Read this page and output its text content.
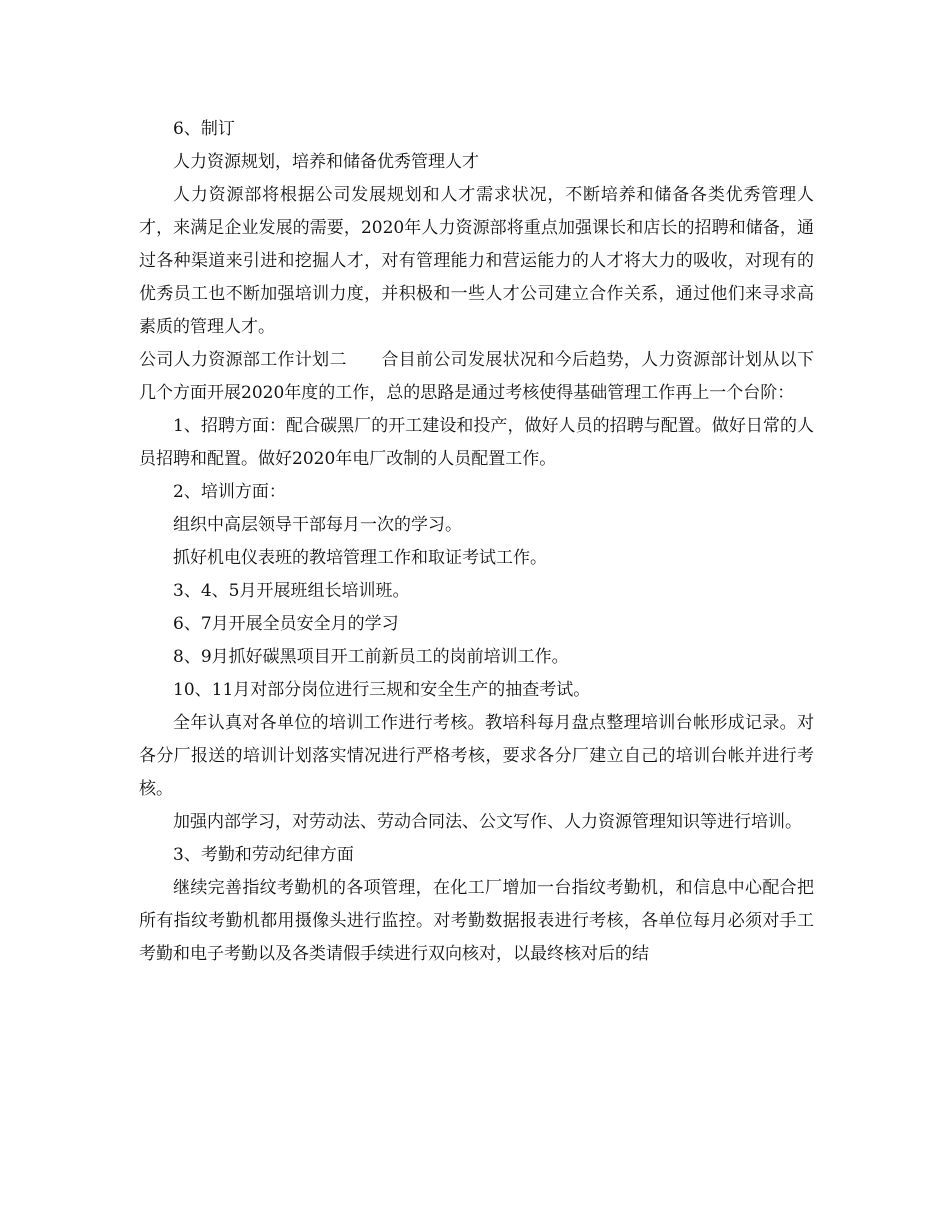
6、制订

人力资源规划，培养和储备优秀管理人才

人力资源部将根据公司发展规划和人才需求状况，不断培养和储备各类优秀管理人才，来满足企业发展的需要，2020年人力资源部将重点加强课长和店长的招聘和储备，通过各种渠道来引进和挖掘人才，对有管理能力和营运能力的人才将大力的吸收，对现有的优秀员工也不断加强培训力度，并积极和一些人才公司建立合作关系，通过他们来寻求高素质的管理人才。

公司人力资源部工作计划二　　合目前公司发展状况和今后趋势，人力资源部计划从以下几个方面开展2020年度的工作，总的思路是通过考核使得基础管理工作再上一个台阶：

1、招聘方面：配合碳黑厂的开工建设和投产，做好人员的招聘与配置。做好日常的人员招聘和配置。做好2020年电厂改制的人员配置工作。

2、培训方面：

组织中高层领导干部每月一次的学习。

抓好机电仪表班的教培管理工作和取证考试工作。

3、4、5月开展班组长培训班。

6、7月开展全员安全月的学习

8、9月抓好碳黑项目开工前新员工的岗前培训工作。

10、11月对部分岗位进行三规和安全生产的抽查考试。

全年认真对各单位的培训工作进行考核。教培科每月盘点整理培训台帐形成记录。对各分厂报送的培训计划落实情况进行严格考核，要求各分厂建立自己的培训台帐并进行考核。

加强内部学习，对劳动法、劳动合同法、公文写作、人力资源管理知识等进行培训。

3、考勤和劳动纪律方面

继续完善指纹考勤机的各项管理，在化工厂增加一台指纹考勤机，和信息中心配合把所有指纹考勤机都用摄像头进行监控。对考勤数据报表进行考核，各单位每月必须对手工考勤和电子考勤以及各类请假手续进行双向核对，以最终核对后的结
